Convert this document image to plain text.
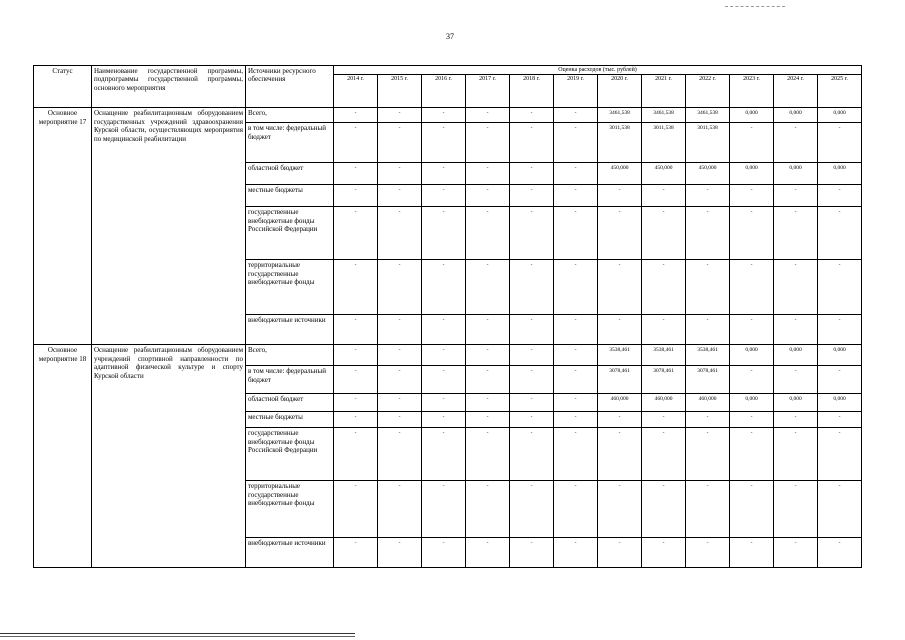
37
Статус	Наименование государственной программы, подпрограммы государственной программы, основного мероприятия	Источники ресурсного обеспечения	Оценка расходов (тыс. рублей)											
			2014 г.	2015 г.	2016 г.	2017 г.	2018 г.	2019 г.	2020 г.	2021 г.	2022 г.	2023 г.	2024 г.	2025 г.
Основное мероприятие 17	Оснащение реабилитационным оборудованием государственных учреждений здравоохранения Курской области, осуществляющих мероприятия по медицинской реабилитации	Всего,	-	-	-	-	-	-	3461,538	3461,538	3461,538	0,000	0,000	0,000
		в том числе: федеральный бюджет	-	-	-	-	-	-	3011,538	3011,538	3011,538	-	-	-
		областной бюджет	-	-	-	-	-	-	450,000	450,000	450,000	0,000	0,000	0,000
		местные бюджеты	-	-	-	-	-	-	-	-	-	-	-	-
		государственные внебюджетные фонды Российской Федерации	-	-	-	-	-	-	-	-	-	-	-	-
		территориальные государственные внебюджетные фонды	-	-	-	-	-	-	-	-	-	-	-	-
		внебюджетные источники	-	-	-	-	-	-	-	-	-	-	-	-
Основное мероприятие 18	Оснащение реабилитационным оборудованием учреждений спортивной направленности по адаптивной физической культуре и спорту Курской области	Всего,	-	-	-	-	-	-	3538,461	3538,461	3538,461	0,000	0,000	0,000
		в том числе: федеральный бюджет	-	-	-	-	-	-	3078,461	3078,461	3078,461	-	-	-
		областной бюджет	-	-	-	-	-	-	460,000	460,000	460,000	0,000	0,000	0,000
		местные бюджеты	-	-	-	-	-	-	-	-	-	-	-	-
		государственные внебюджетные фонды Российской Федерации	-	-	-	-	-	-	-	-	-	-	-	-
		территориальные государственные внебюджетные фонды	-	-	-	-	-	-	-	-	-	-	-	-
		внебюджетные источники	-	-	-	-	-	-	-	-	-	-	-	-
